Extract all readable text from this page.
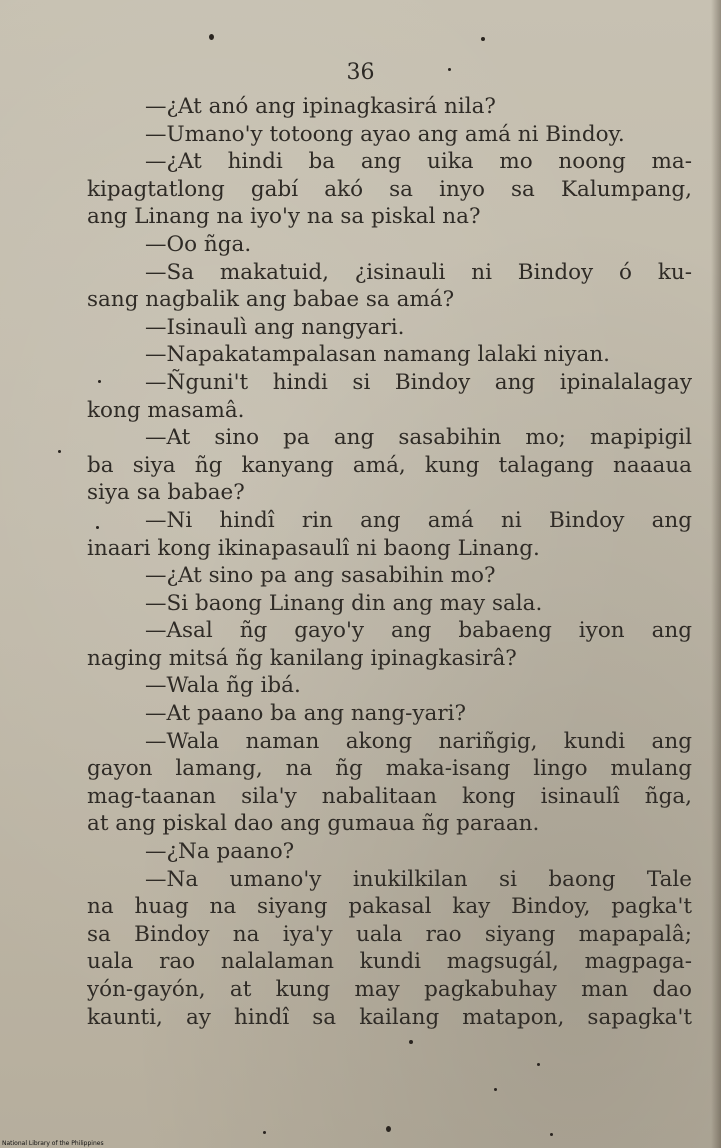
36
—¿At anó ang ipinagkasirá nila?
—Umano'y totoong ayao ang amá ni Bindoy.
—¿At hindi ba ang uika mo noong ma-
kipagtatlong gabí akó sa inyo sa Kalumpang,
ang Linang na iyo'y na sa piskal na?
—Oo ñga.
—Sa makatuid, ¿isinauli ni Bindoy ó ku-
sang nagbalik ang babae sa amá?
—Isinaulì ang nangyari.
—Napakatampalasan namang lalaki niyan.
—Ñguni't hindi si Bindoy ang ipinalalagay
kong masamâ.
—At sino pa ang sasabihin mo; mapipigil
ba siya ñg kanyang amá, kung talagang naaaua
siya sa babae?
—Ni hindî rin ang amá ni Bindoy ang
inaari kong ikinapasaulî ni baong Linang.
—¿At sino pa ang sasabihin mo?
—Si baong Linang din ang may sala.
—Asal ñg gayo'y ang babaeng iyon ang
naging mitsá ñg kanilang ipinagkasirâ?
—Wala ñg ibá.
—At paano ba ang nang-yari?
—Wala naman akong nariñgig, kundi ang
gayon lamang, na ñg maka-isang lingo mulang
mag-taanan sila'y nabalitaan kong isinaulî ñga,
at ang piskal dao ang gumaua ñg paraan.
—¿Na paano?
—Na umano'y inukilkilan si baong Tale
na huag na siyang pakasal kay Bindoy, pagka't
sa Bindoy na iya'y uala rao siyang mapapalâ;
uala rao nalalaman kundi magsugál, magpaga-
yón-gayón, at kung may pagkabuhay man dao
kaunti, ay hindî sa kailang matapon, sapagka't
National Library of the Philippines
